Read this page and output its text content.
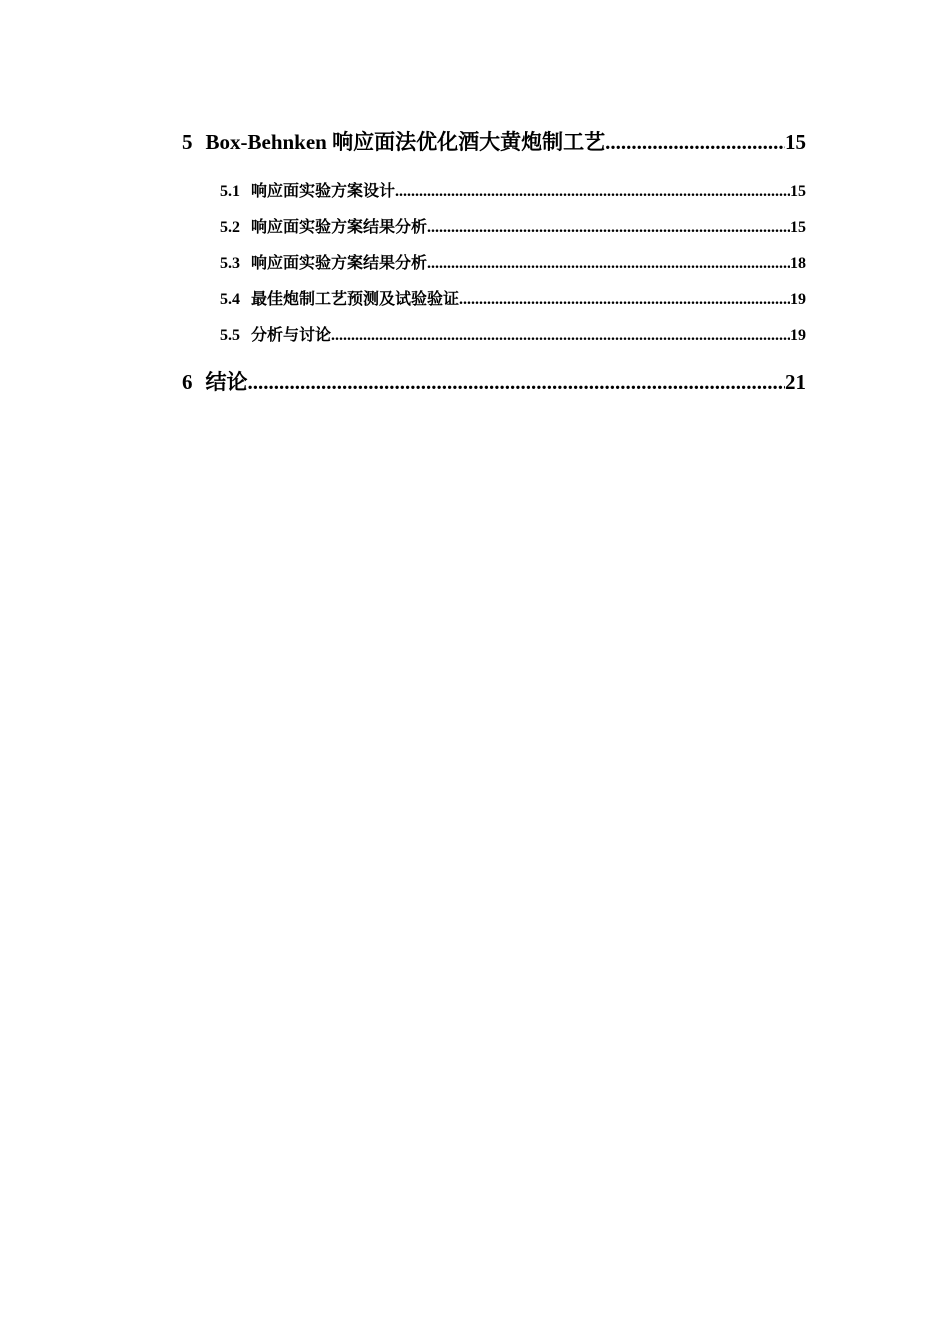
5 Box-Behnken 响应面法优化酒大黄炮制工艺 .....	15
5.1 响应面实验方案设计 .....	15
5.2 响应面实验方案结果分析 .....	15
5.3 响应面实验方案结果分析 .....	18
5.4 最佳炮制工艺预测及试验验证 .....	19
5.5 分析与讨论 .....	19
6 结论 .....	21
